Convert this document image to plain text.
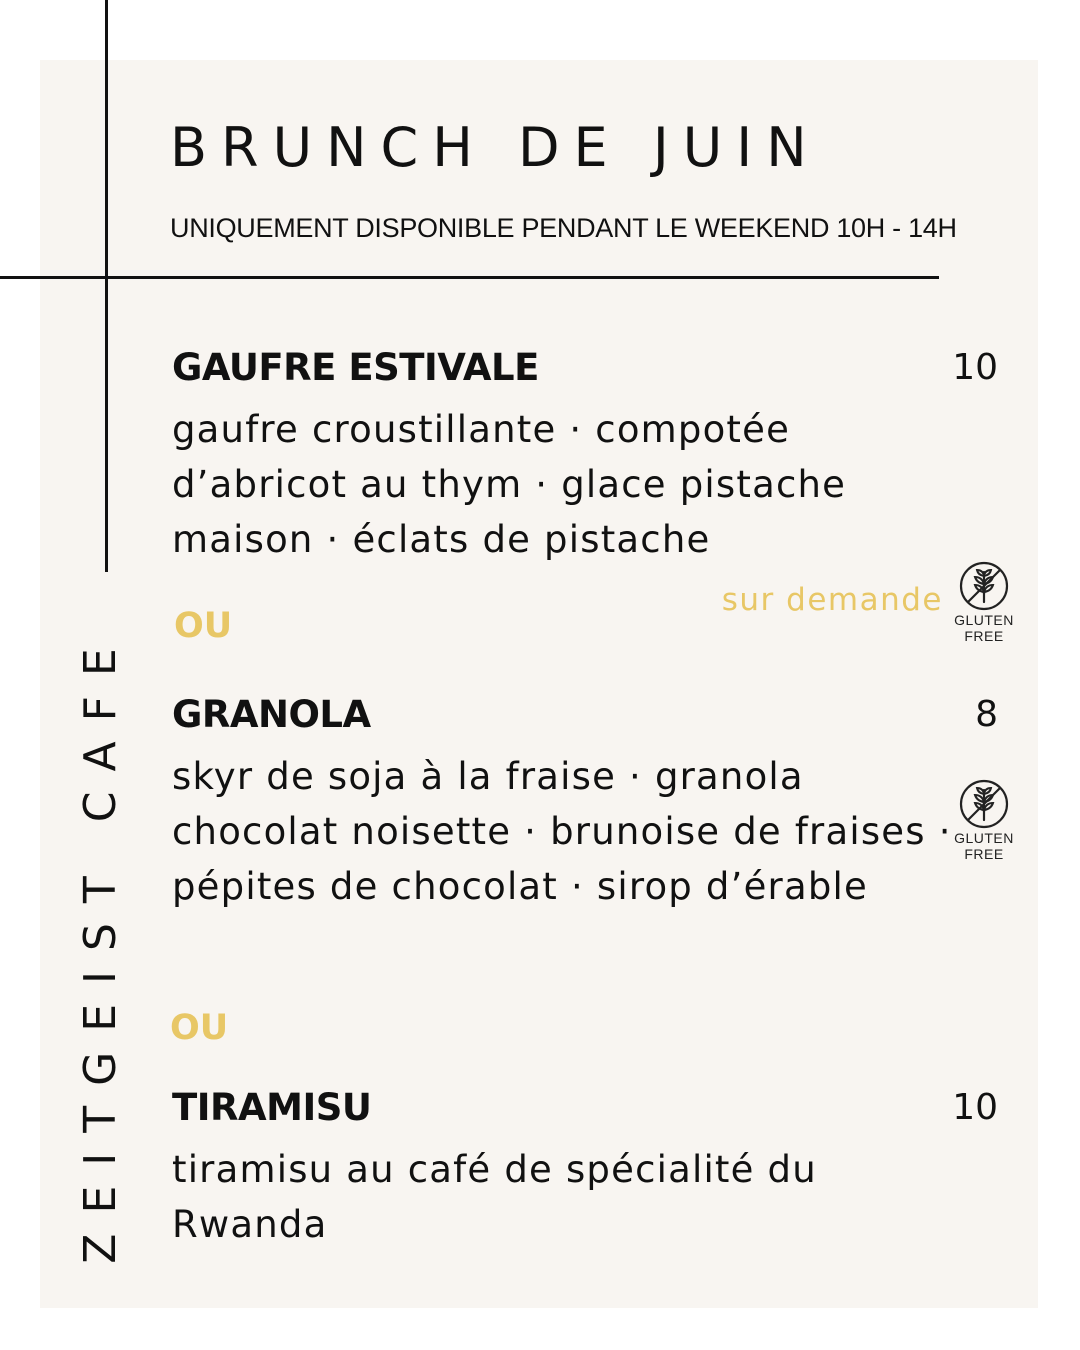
BRUNCH DE JUIN
UNIQUEMENT DISPONIBLE PENDANT LE WEEKEND 10H - 14H
ZEITGEIST CAFE
GAUFRE ESTIVALE	10

gaufre croustillante · compotée d’abricot au thym · glace pistache maison · éclats de pistache

sur demande
GLUTEN
FREE
OU
GRANOLA	8

skyr de soja à la fraise · granola chocolat noisette · brunoise de fraises · pépites de chocolat · sirop d’érable

GLUTEN
FREE
OU
TIRAMISU	10

tiramisu au café de spécialité du Rwanda
